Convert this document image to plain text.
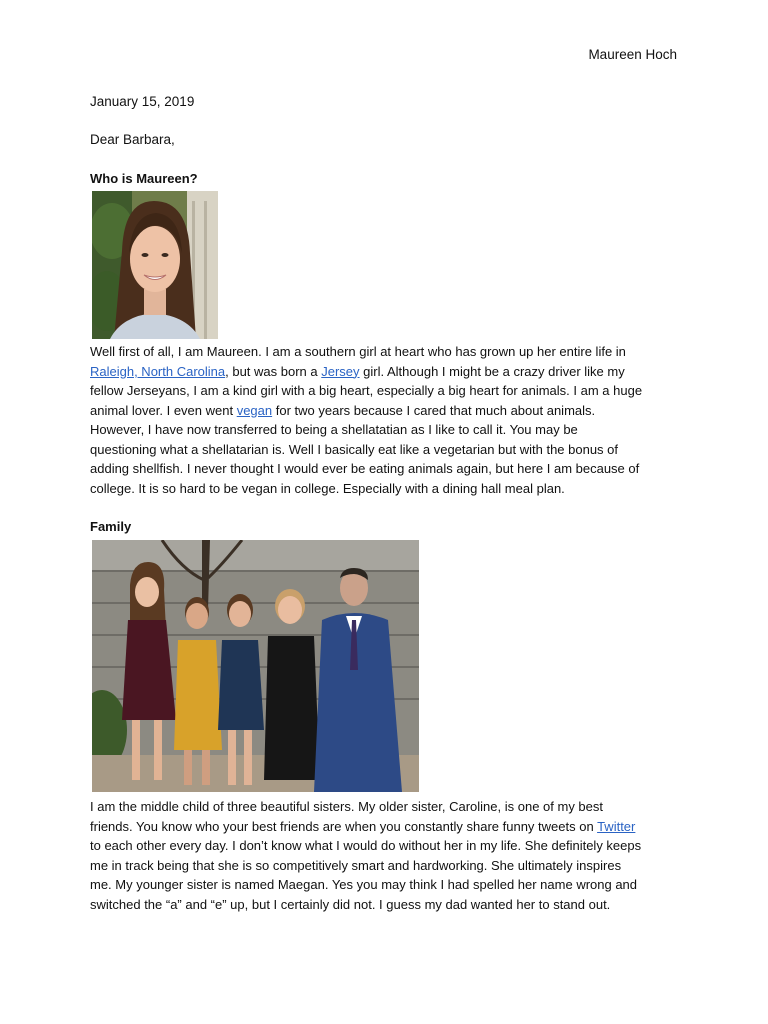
Maureen Hoch
January 15, 2019
Dear Barbara,
Who is Maureen?
Well first of all, I am Maureen. I am a southern girl at heart who has grown up her entire life in
Raleigh, North Carolina, but was born a Jersey girl. Although I might be a crazy driver like my
fellow Jerseyans, I am a kind girl with a big heart, especially a big heart for animals. I am a huge
animal lover. I even went vegan for two years because I cared that much about animals.
However, I have now transferred to being a shellatatian as I like to call it. You may be
questioning what a shellatarian is. Well I basically eat like a vegetarian but with the bonus of
adding shellfish. I never thought I would ever be eating animals again, but here I am because of
college. It is so hard to be vegan in college. Especially with a dining hall meal plan.
Family
I am the middle child of three beautiful sisters. My older sister, Caroline, is one of my best
friends. You know who your best friends are when you constantly share funny tweets on Twitter
to each other every day. I don’t know what I would do without her in my life. She definitely keeps
me in track being that she is so competitively smart and hardworking. She ultimately inspires
me. My younger sister is named Maegan. Yes you may think I had spelled her name wrong and
switched the “a” and “e” up, but I certainly did not. I guess my dad wanted her to stand out.
